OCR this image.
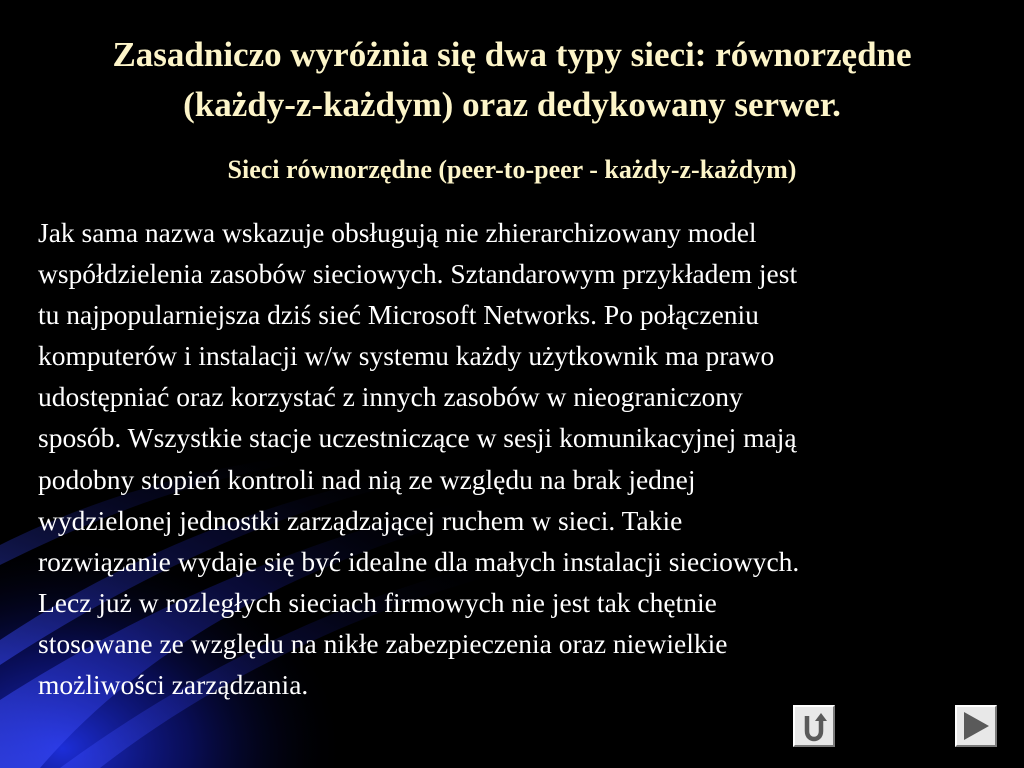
Zasadniczo wyróżnia się dwa typy sieci: równorzędne
(każdy-z-każdym) oraz dedykowany serwer.
Sieci równorzędne (peer-to-peer - każdy-z-każdym)
Jak sama nazwa wskazuje obsługują nie zhierarchizowany model
współdzielenia zasobów sieciowych. Sztandarowym przykładem jest
tu najpopularniejsza dziś sieć Microsoft Networks. Po połączeniu
komputerów i instalacji w/w systemu każdy użytkownik ma prawo
udostępniać oraz korzystać z innych zasobów w nieograniczony
sposób. Wszystkie stacje uczestniczące w sesji komunikacyjnej mają
podobny stopień kontroli nad nią ze względu na brak jednej
wydzielonej jednostki zarządzającej ruchem w sieci. Takie
rozwiązanie wydaje się być idealne dla małych instalacji sieciowych.
Lecz już w rozległych sieciach firmowych nie jest tak chętnie
stosowane ze względu na nikłe zabezpieczenia oraz niewielkie
możliwości zarządzania.
